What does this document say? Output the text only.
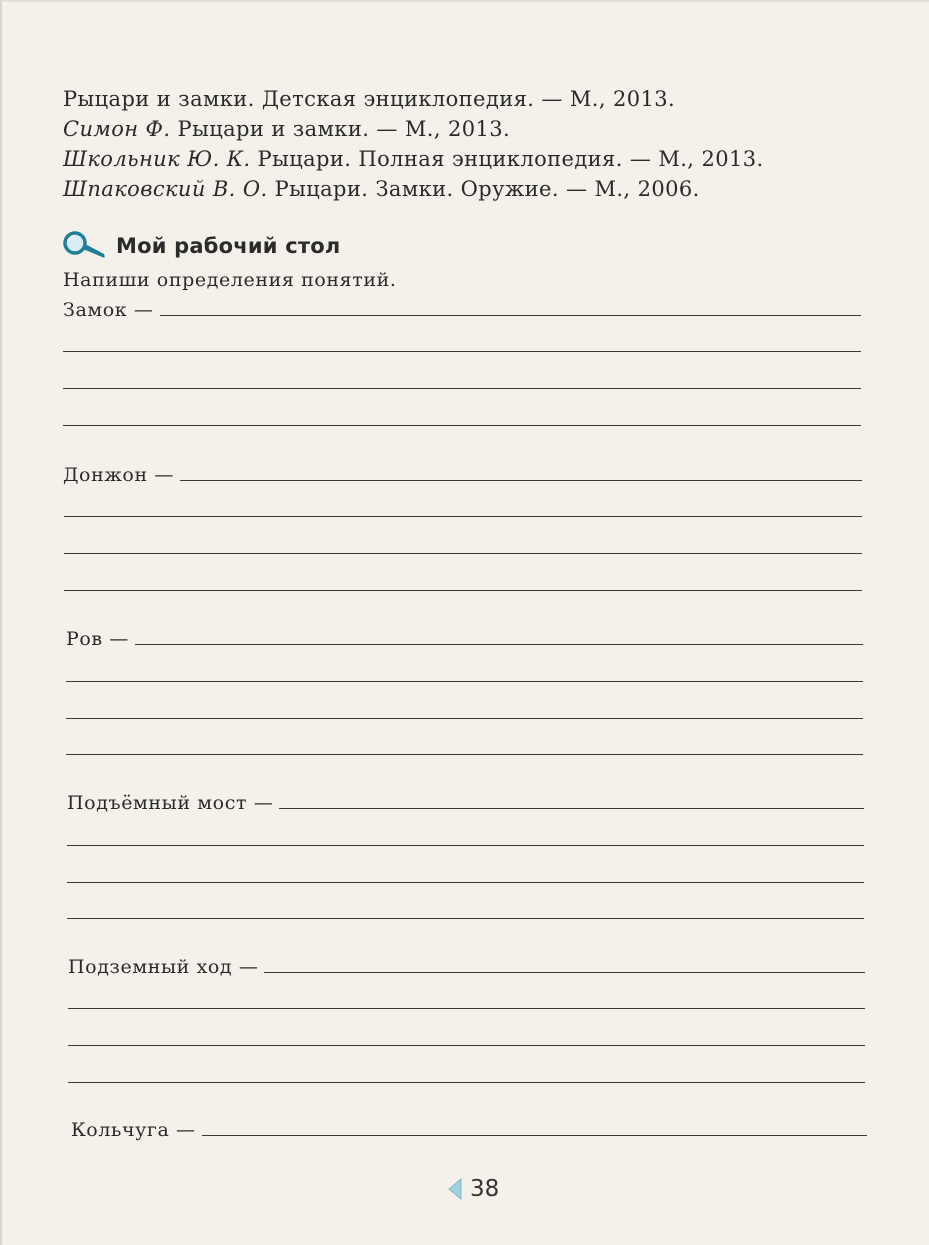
Рыцари и замки. Детская энциклопедия. — М., 2013.
Симон Ф. Рыцари и замки. — М., 2013.
Школьник Ю. К. Рыцари. Полная энциклопедия. — М., 2013.
Шпаковский В. О. Рыцари. Замки. Оружие. — М., 2006.
Мой рабочий стол
Напиши определения понятий.
Замок —
Донжон —
Ров —
Подъёмный мост —
Подземный ход —
Кольчуга —
38
